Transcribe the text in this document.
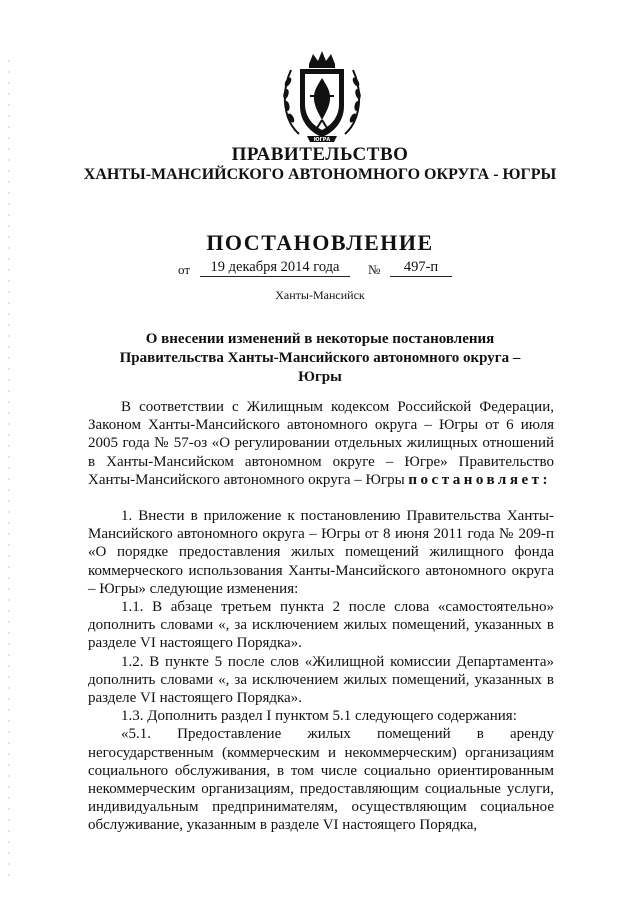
ЮГРА
ПРАВИТЕЛЬСТВО
ХАНТЫ-МАНСИЙСКОГО АВТОНОМНОГО ОКРУГА - ЮГРЫ
ПОСТАНОВЛЕНИЕ
от	19 декабря 2014 года	№	497-п
Ханты-Мансийск
О внесении изменений в некоторые постановления
Правительства Ханты-Мансийского автономного округа – Югры

В соответствии с Жилищным кодексом Российской Федерации, Законом Ханты-Мансийского автономного округа – Югры от 6 июля 2005 года № 57-оз «О регулировании отдельных жилищных отношений в Ханты-Мансийском автономном округе – Югре» Правительство Ханты-Мансийского автономного округа – Югры постановляет:

1. Внести в приложение к постановлению Правительства Ханты-Мансийского автономного округа – Югры от 8 июня 2011 года № 209-п «О порядке предоставления жилых помещений жилищного фонда коммерческого использования Ханты-Мансийского автономного округа – Югры» следующие изменения:

1.1. В абзаце третьем пункта 2 после слова «самостоятельно» дополнить словами «, за исключением жилых помещений, указанных в разделе VI настоящего Порядка».

1.2. В пункте 5 после слов «Жилищной комиссии Департамента» дополнить словами «, за исключением жилых помещений, указанных в разделе VI настоящего Порядка».

1.3. Дополнить раздел I пунктом 5.1 следующего содержания:

«5.1. Предоставление жилых помещений в аренду негосударственным (коммерческим и некоммерческим) организациям социального обслуживания, в том числе социально ориентированным некоммерческим организациям, предоставляющим социальные услуги, индивидуальным предпринимателям, осуществляющим социальное обслуживание, указанным в разделе VI настоящего Порядка,
